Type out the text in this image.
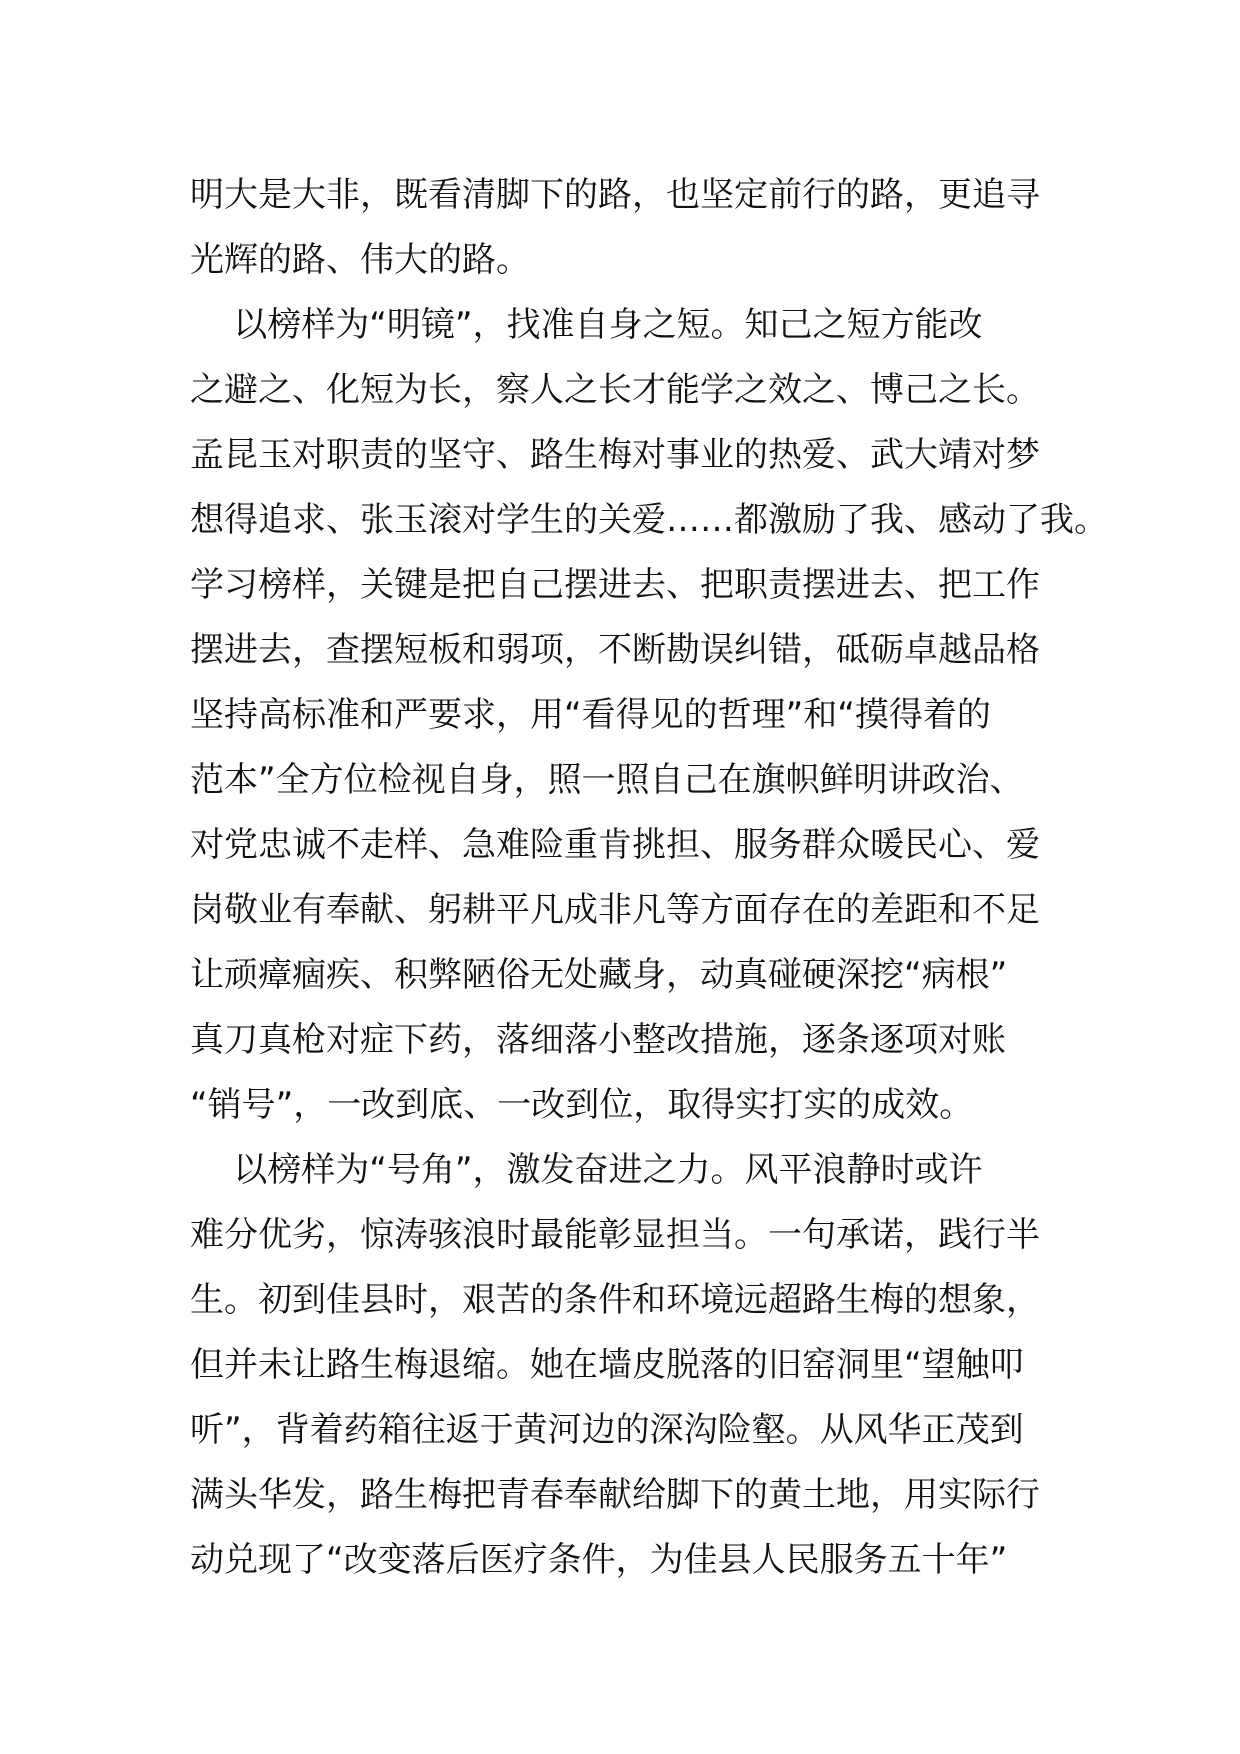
明大是大非，既看清脚下的路，也坚定前行的路，更追寻
光辉的路、伟大的路。
以榜样为“明镜”，找准自身之短。知己之短方能改
之避之、化短为长，察人之长才能学之效之、博己之长。
孟昆玉对职责的坚守、路生梅对事业的热爱、武大靖对梦
想得追求、张玉滚对学生的关爱……都激励了我、感动了我。
学习榜样，关键是把自己摆进去、把职责摆进去、把工作
摆进去，查摆短板和弱项，不断勘误纠错，砥砺卓越品格
坚持高标准和严要求，用“看得见的哲理”和“摸得着的
范本”全方位检视自身，照一照自己在旗帜鲜明讲政治、
对党忠诚不走样、急难险重肯挑担、服务群众暖民心、爱
岗敬业有奉献、躬耕平凡成非凡等方面存在的差距和不足
让顽瘴痼疾、积弊陋俗无处藏身，动真碰硬深挖“病根”
真刀真枪对症下药，落细落小整改措施，逐条逐项对账
“销号”，一改到底、一改到位，取得实打实的成效。
以榜样为“号角”，激发奋进之力。风平浪静时或许
难分优劣，惊涛骇浪时最能彰显担当。一句承诺，践行半
生。初到佳县时，艰苦的条件和环境远超路生梅的想象，
但并未让路生梅退缩。她在墙皮脱落的旧窑洞里“望触叩
听”，背着药箱往返于黄河边的深沟险壑。从风华正茂到
满头华发，路生梅把青春奉献给脚下的黄土地，用实际行
动兑现了“改变落后医疗条件，为佳县人民服务五十年”
